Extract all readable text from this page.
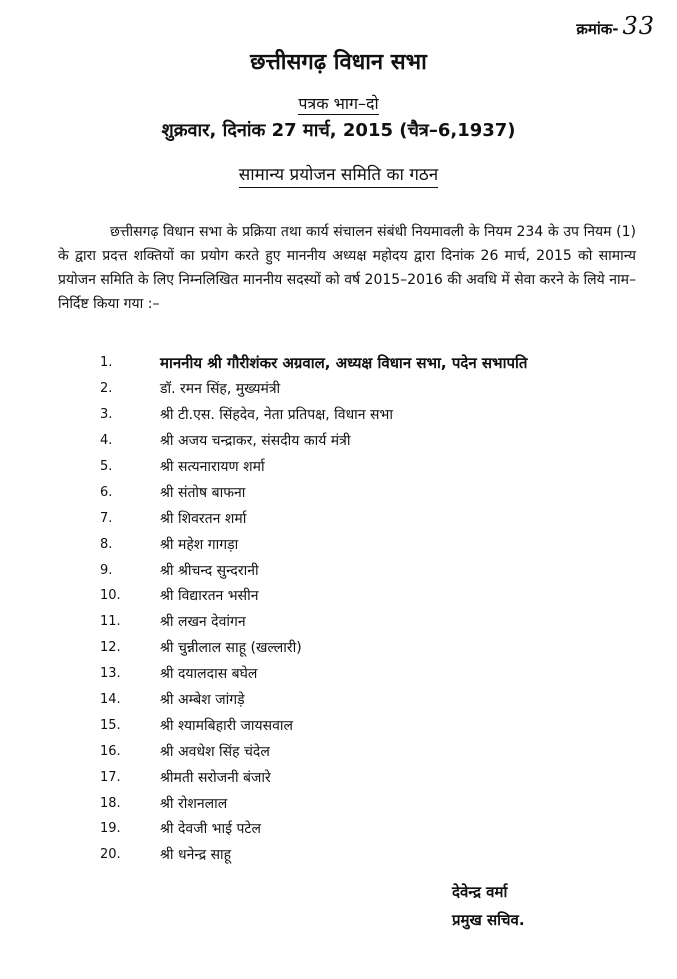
क्रमांक- 33
छत्तीसगढ़ विधान सभा
पत्रक भाग–दो
शुक्रवार, दिनांक 27 मार्च, 2015 (चैत्र–6,1937)
सामान्य प्रयोजन समिति का गठन

छत्तीसगढ़ विधान सभा के प्रक्रिया तथा कार्य संचालन संबंधी नियमावली के नियम 234 के उप नियम (1) के द्वारा प्रदत्त शक्तियों का प्रयोग करते हुए माननीय अध्यक्ष महोदय द्वारा दिनांक 26 मार्च, 2015 को सामान्य प्रयोजन समिति के लिए निम्नलिखित माननीय सदस्यों को वर्ष 2015–2016 की अवधि में सेवा करने के लिये नाम–निर्दिष्ट किया गया :–

1.	माननीय श्री गौरीशंकर अग्रवाल, अध्यक्ष विधान सभा, पदेन सभापति
2.	डॉ. रमन सिंह, मुख्यमंत्री
3.	श्री टी.एस. सिंहदेव, नेता प्रतिपक्ष, विधान सभा
4.	श्री अजय चन्द्राकर, संसदीय कार्य मंत्री
5.	श्री सत्यनारायण शर्मा
6.	श्री संतोष बाफना
7.	श्री शिवरतन शर्मा
8.	श्री महेश गागड़ा
9.	श्री श्रीचन्द सुन्दरानी
10.	श्री विद्यारतन भसीन
11.	श्री लखन देवांगन
12.	श्री चुन्नीलाल साहू (खल्लारी)
13.	श्री दयालदास बघेल
14.	श्री अम्बेश जांगड़े
15.	श्री श्यामबिहारी जायसवाल
16.	श्री अवधेश सिंह चंदेल
17.	श्रीमती सरोजनी बंजारे
18.	श्री रोशनलाल
19.	श्री देवजी भाई पटेल
20.	श्री धनेन्द्र साहू
देवेन्द्र वर्मा
प्रमुख सचिव.
